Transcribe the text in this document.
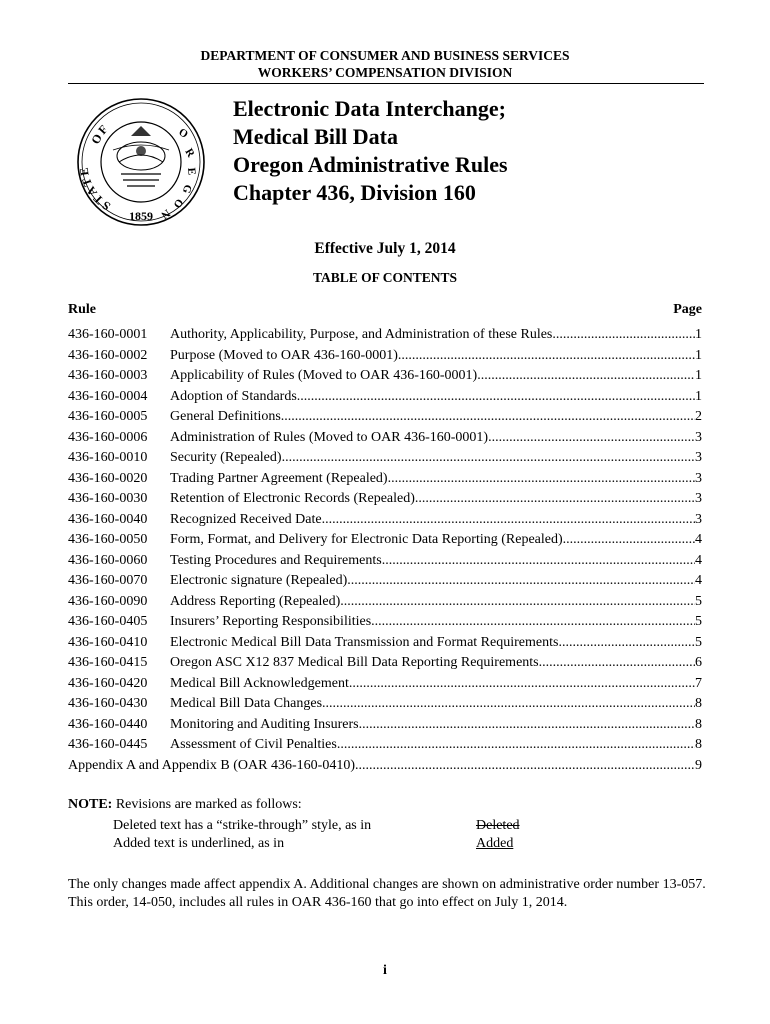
DEPARTMENT OF CONSUMER AND BUSINESS SERVICES
WORKERS’ COMPENSATION DIVISION
OF
STATE
O
R
E
G
O
N
1859
Electronic Data Interchange;
Medical Bill Data
Oregon Administrative Rules
Chapter 436, Division 160
Effective July 1, 2014
TABLE OF CONTENTS
Rule	Page
436-160-0001	Authority, Applicability, Purpose, and Administration of these Rules .....	1
436-160-0002	Purpose (Moved to OAR 436-160-0001) .....	1
436-160-0003	Applicability of Rules (Moved to OAR 436-160-0001) .....	1
436-160-0004	Adoption of Standards .....	1
436-160-0005	General Definitions .....	2
436-160-0006	Administration of Rules (Moved to OAR 436-160-0001) .....	3
436-160-0010	Security (Repealed) .....	3
436-160-0020	Trading Partner Agreement (Repealed) .....	3
436-160-0030	Retention of Electronic Records (Repealed) .....	3
436-160-0040	Recognized Received Date .....	3
436-160-0050	Form, Format, and Delivery for Electronic Data Reporting (Repealed) .....	4
436-160-0060	Testing Procedures and Requirements .....	4
436-160-0070	Electronic signature (Repealed) .....	4
436-160-0090	Address Reporting (Repealed) .....	5
436-160-0405	Insurers’ Reporting Responsibilities .....	5
436-160-0410	Electronic Medical Bill Data Transmission and Format Requirements .....	5
436-160-0415	Oregon ASC X12 837 Medical Bill Data Reporting Requirements .....	6
436-160-0420	Medical Bill Acknowledgement .....	7
436-160-0430	Medical Bill Data Changes .....	8
436-160-0440	Monitoring and Auditing Insurers .....	8
436-160-0445	Assessment of Civil Penalties .....	8
Appendix A and Appendix B (OAR 436-160-0410) .....	9
NOTE: Revisions are marked as follows:
Deleted text has a “strike-through” style, as in	Deleted
Added text is underlined, as in	Added
The only changes made affect appendix A. Additional changes are shown on administrative order number 13-057. This order, 14-050, includes all rules in OAR 436-160 that go into effect on July 1, 2014.
i
